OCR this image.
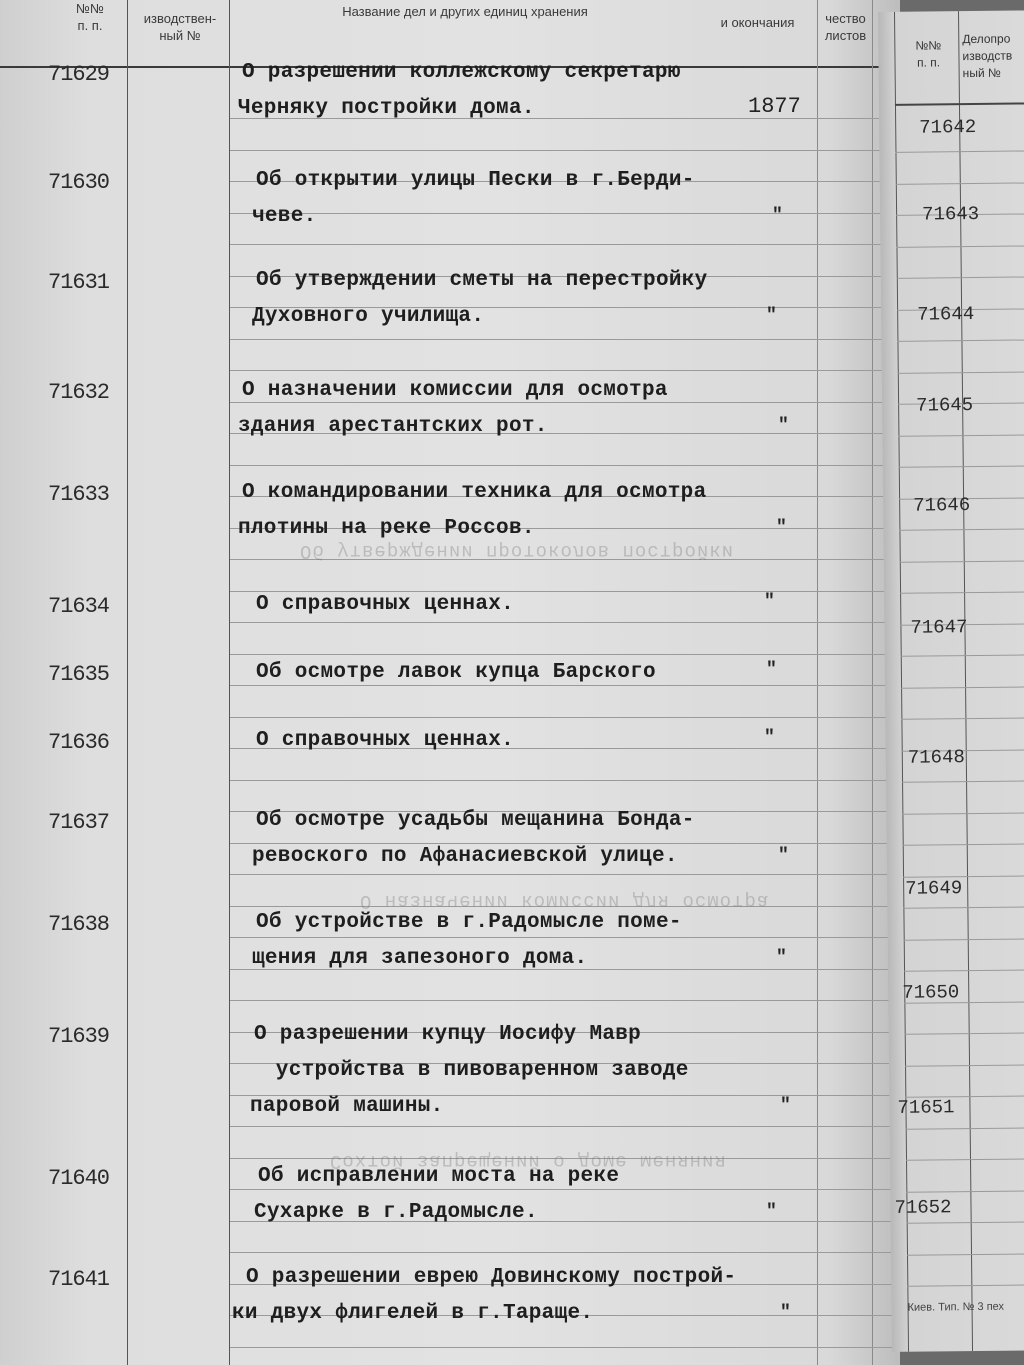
№№
п. п.	изводствен-
ный №
Название дел и других единиц хранения
и окончания	чество
листов
Сохтой запрещений о доме меняния
О назначении комиссии для осмотра
Об утверждении протоколов постройки
71629	О разрешении коллежскому секретарю
Черняку постройки дома.	1877
71630	Об открытии улицы Пески в г.Берди-
чеве.	"
71631	Об утверждении сметы на перестройку
Духовного училища.	"
71632	О назначении комиссии для осмотра
здания арестантских рот.	"
71633	О командировании техника для осмотра
плотины на реке Россов.	"
71634	О справочных ценнах.	"
71635	Об осмотре лавок купца Барского	"
71636	О справочных ценнах.	"
71637	Об осмотре усадьбы мещанина Бонда-
ревоского по Афанасиевской улице.	"
71638	Об устройстве в г.Радомысле поме-
щения для запезоного дома.	"
71639	О разрешении купцу Иосифу Мавр
устройства в пивоваренном заводе
паровой машины.	"
71640	Об исправлении моста на реке
Сухарке в г.Радомысле.	"
71641	О разрешении еврею Довинскому построй-
ки двух флигелей в г.Тараще.	"
№№
п. п.
Делопро
изводств
ный №
71642
71643
71644
71645
71646
71647
71648
71649
71650
71651
71652
Киев. Тип. № 3 пех
